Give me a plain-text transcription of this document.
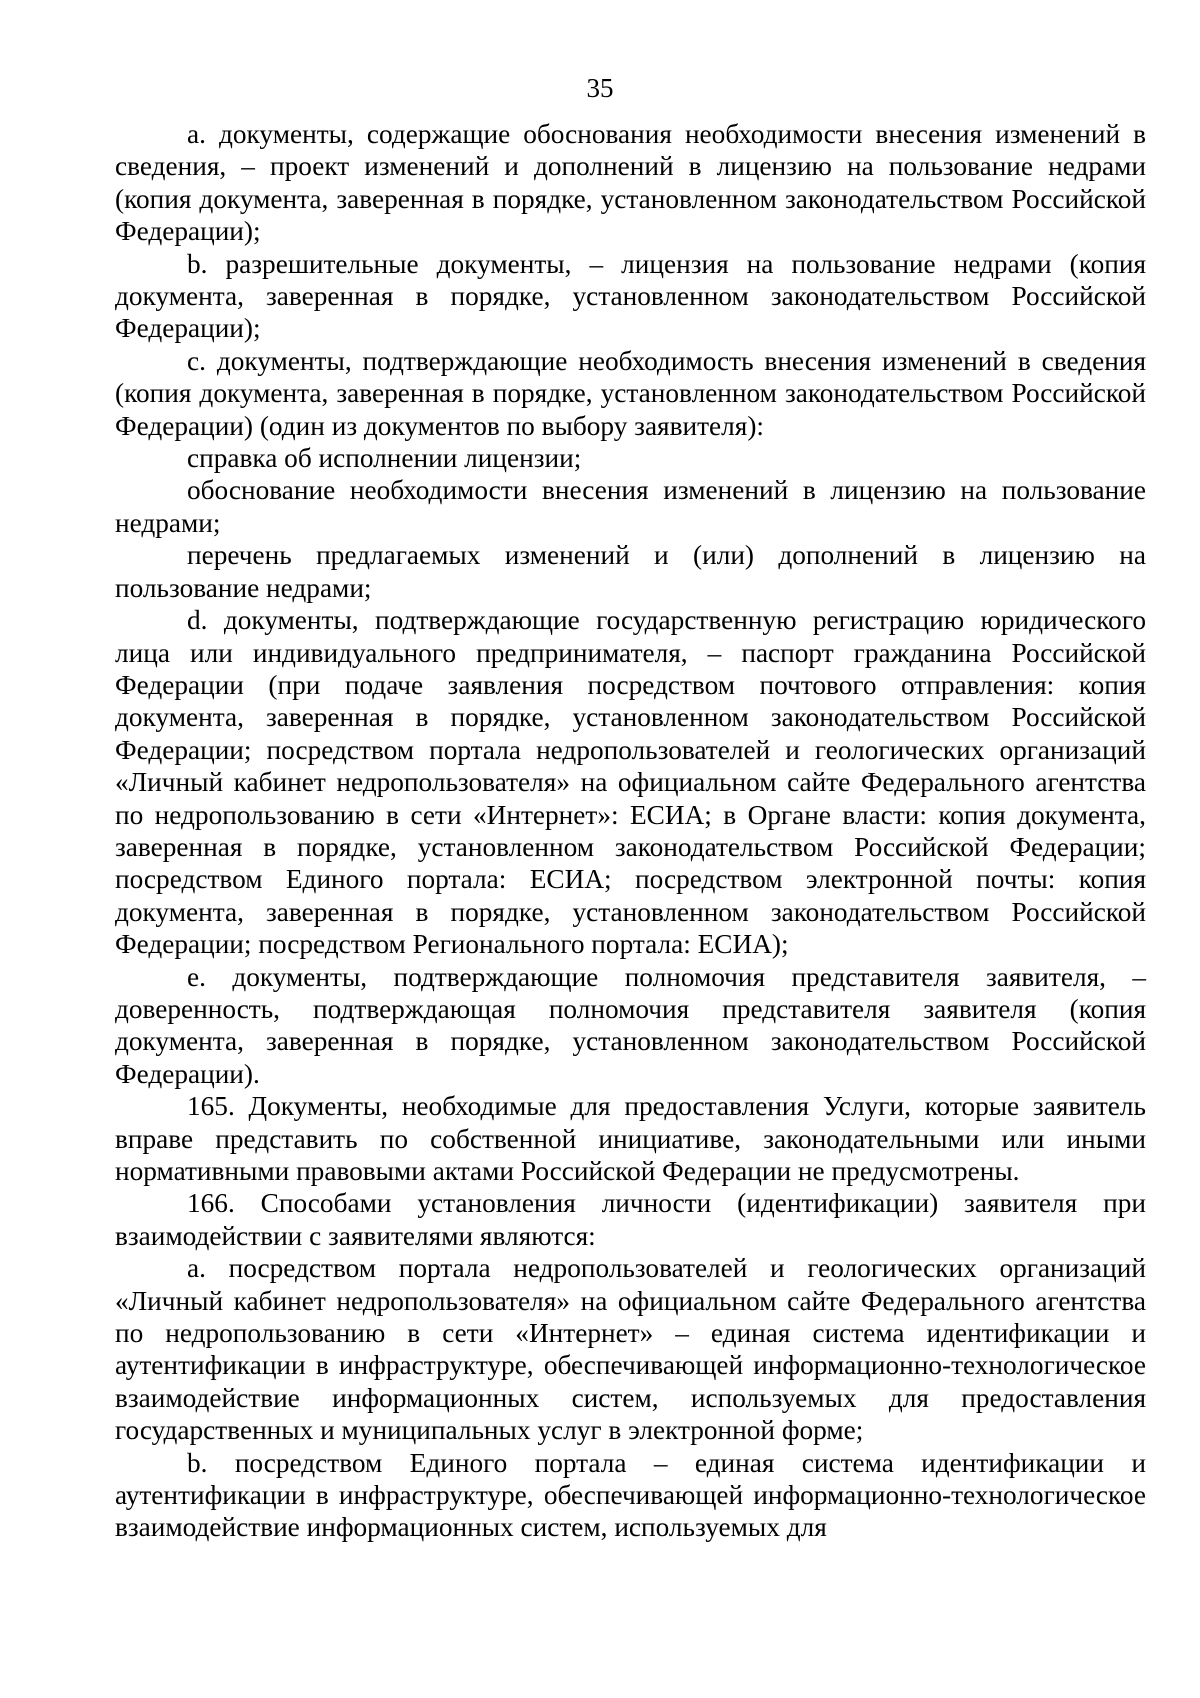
35

a. документы, содержащие обоснования необходимости внесения изменений в сведения, – проект изменений и дополнений в лицензию на пользование недрами (копия документа, заверенная в порядке, установленном законодательством Российской Федерации);

b. разрешительные документы, – лицензия на пользование недрами (копия документа, заверенная в порядке, установленном законодательством Российской Федерации);

c. документы, подтверждающие необходимость внесения изменений в сведения (копия документа, заверенная в порядке, установленном законодательством Российской Федерации) (один из документов по выбору заявителя):

справка об исполнении лицензии;

обоснование необходимости внесения изменений в лицензию на пользование недрами;

перечень предлагаемых изменений и (или) дополнений в лицензию на пользование недрами;

d. документы, подтверждающие государственную регистрацию юридического лица или индивидуального предпринимателя, – паспорт гражданина Российской Федерации (при подаче заявления посредством почтового отправления: копия документа, заверенная в порядке, установленном законодательством Российской Федерации; посредством портала недропользователей и геологических организаций «Личный кабинет недропользователя» на официальном сайте Федерального агентства по недропользованию в сети «Интернет»: ЕСИА; в Органе власти: копия документа, заверенная в порядке, установленном законодательством Российской Федерации; посредством Единого портала: ЕСИА; посредством электронной почты: копия документа, заверенная в порядке, установленном законодательством Российской Федерации; посредством Регионального портала: ЕСИА);

e. документы, подтверждающие полномочия представителя заявителя, – доверенность, подтверждающая полномочия представителя заявителя (копия документа, заверенная в порядке, установленном законодательством Российской Федерации).

165. Документы, необходимые для предоставления Услуги, которые заявитель вправе представить по собственной инициативе, законодательными или иными нормативными правовыми актами Российской Федерации не предусмотрены.

166. Способами установления личности (идентификации) заявителя при взаимодействии с заявителями являются:

a. посредством портала недропользователей и геологических организаций «Личный кабинет недропользователя» на официальном сайте Федерального агентства по недропользованию в сети «Интернет» – единая система идентификации и аутентификации в инфраструктуре, обеспечивающей информационно-технологическое взаимодействие информационных систем, используемых для предоставления государственных и муниципальных услуг в электронной форме;

b. посредством Единого портала – единая система идентификации и аутентификации в инфраструктуре, обеспечивающей информационно-технологическое взаимодействие информационных систем, используемых для
